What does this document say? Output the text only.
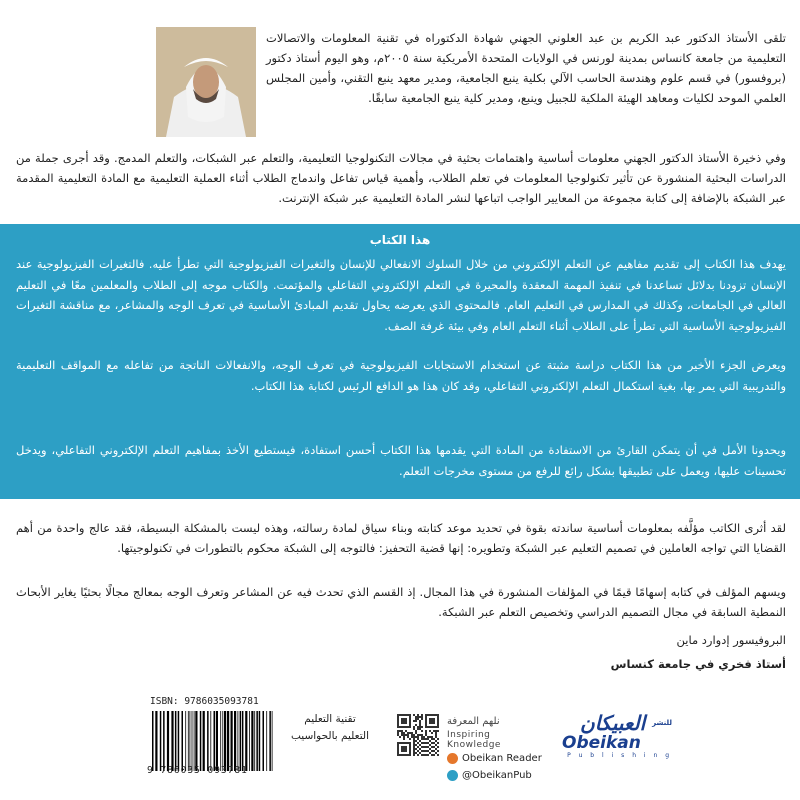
تلقى الأستاذ الدكتور عبد الكريم بن عبد العلوني الجهني شهادة الدكتوراه في تقنية المعلومات والاتصالات التعليمية من جامعة كانساس بمدينة لورنس في الولايات المتحدة الأمريكية سنة ٢٠٠٥م، وهو اليوم أستاذ دكتور (بروفسور) في قسم علوم وهندسة الحاسب الآلي بكلية ينبع الجامعية، ومدير معهد ينبع التقني، وأمين المجلس العلمي الموحد لكليات ومعاهد الهيئة الملكية للجبيل وينبع، ومدير كلية ينبع الجامعية سابقًا.
وفي ذخيرة الأستاذ الدكتور الجهني معلومات أساسية واهتمامات بحثية في مجالات التكنولوجيا التعليمية، والتعلم عبر الشبكات، والتعلم المدمج. وقد أجرى جملة من الدراسات البحثية المنشورة عن تأثير تكنولوجيا المعلومات في تعلم الطلاب، وأهمية قياس تفاعل واندماج الطلاب أثناء العملية التعليمية مع المادة التعليمية المقدمة عبر الشبكة بالإضافة إلى كتابة مجموعة من المعايير الواجب اتباعها لنشر المادة التعليمية عبر شبكة الإنترنت.
هذا الكتاب
يهدف هذا الكتاب إلى تقديم مفاهيم عن التعلم الإلكتروني من خلال السلوك الانفعالي للإنسان والتغيرات الفيزيولوجية التي تطرأ عليه. فالتغيرات الفيزيولوجية عند الإنسان تزودنا بدلائل تساعدنا في تنفيذ المهمة المعقدة والمحيرة في التعلم الإلكتروني التفاعلي والمؤتمت. والكتاب موجه إلى الطلاب والمعلمين معًا في التعليم العالي في الجامعات، وكذلك في المدارس في التعليم العام. فالمحتوى الذي يعرضه يحاول تقديم المبادئ الأساسية في تعرف الوجه والمشاعر، مع مناقشة التغيرات الفيزيولوجية الأساسية التي تطرأ على الطلاب أثناء التعلم العام وفي بيئة غرفة الصف.
ويعرض الجزء الأخير من هذا الكتاب دراسة مثبتة عن استخدام الاستجابات الفيزيولوجية في تعرف الوجه، والانفعالات الناتجة من تفاعله مع المواقف التعليمية والتدريبية التي يمر بها، بغية استكمال التعلم الإلكتروني التفاعلي، وقد كان هذا هو الدافع الرئيس لكتابة هذا الكتاب.
ويحدونا الأمل في أن يتمكن القارئ من الاستفادة من المادة التي يقدمها هذا الكتاب أحسن استفادة، فيستطيع الأخذ بمفاهيم التعلم الإلكتروني التفاعلي، ويدخل تحسينات عليها، ويعمل على تطبيقها بشكل رائع للرفع من مستوى مخرجات التعلم.
لقد أثرى الكاتب مؤلَّفه بمعلومات أساسية ساندته بقوة في تحديد موعد كتابته وبناء سياق لمادة رسالته، وهذه ليست بالمشكلة البسيطة، فقد عالج واحدة من أهم القضايا التي تواجه العاملين في تصميم التعليم عبر الشبكة وتطويره: إنها قضية التحفيز: فالتوجه إلى الشبكة محكوم بالتطورات في تكنولوجيتها.
ويسهم المؤلف في كتابه إسهامًا قيمًا في المؤلفات المنشورة في هذا المجال. إذ القسم الذي تحدث فيه عن المشاعر وتعرف الوجه بمعالج مجالًا بحثيًا يغاير الأبحاث النمطية السابقة في مجال التصميم الدراسي وتخصيص التعلم عبر الشبكة.
البروفيسور إدوارد ماين
أستاذ فخري في جامعة كنساس
ISBN: 9786035093781
9 786035 093781
تقنية التعليم
التعليم بالحواسيب
نلهم المعرفة
Inspiring Knowledge
Obeikan Reader
@ObeikanPub
$^{للنشر}$ العبيكان
Obeikan
P u b l i s h i n g
